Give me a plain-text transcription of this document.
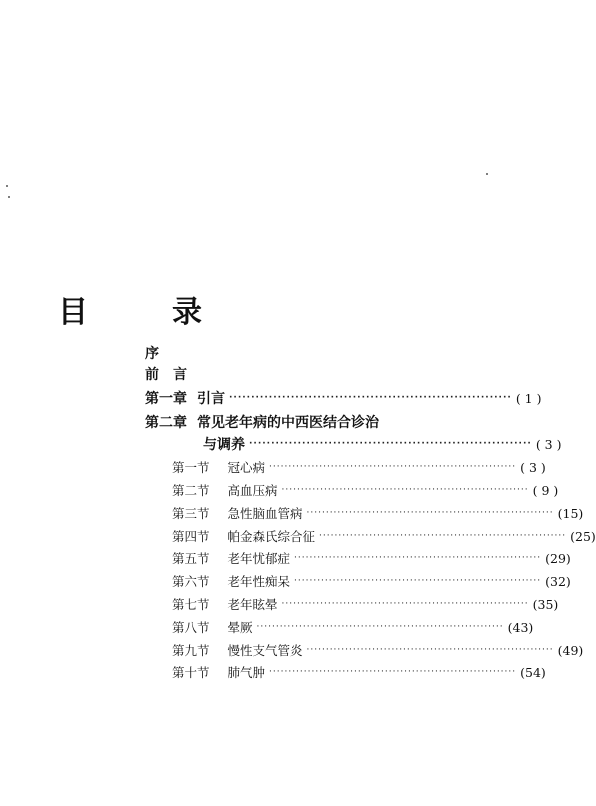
目	录
序
前　言
第一章 引言 ································································ ( 1 )
第二章 常见老年病的中西医结合诊治
与调养 ································································ ( 3 )
第一节 冠心病 ································································ ( 3 )
第二节 高血压病 ································································ ( 9 )
第三节 急性脑血管病 ································································ (15)
第四节 帕金森氏综合征 ································································ (25)
第五节 老年忧郁症 ································································ (29)
第六节 老年性痴呆 ································································ (32)
第七节 老年眩晕 ································································ (35)
第八节 晕厥 ································································ (43)
第九节 慢性支气管炎 ································································ (49)
第十节 肺气肿 ································································ (54)
